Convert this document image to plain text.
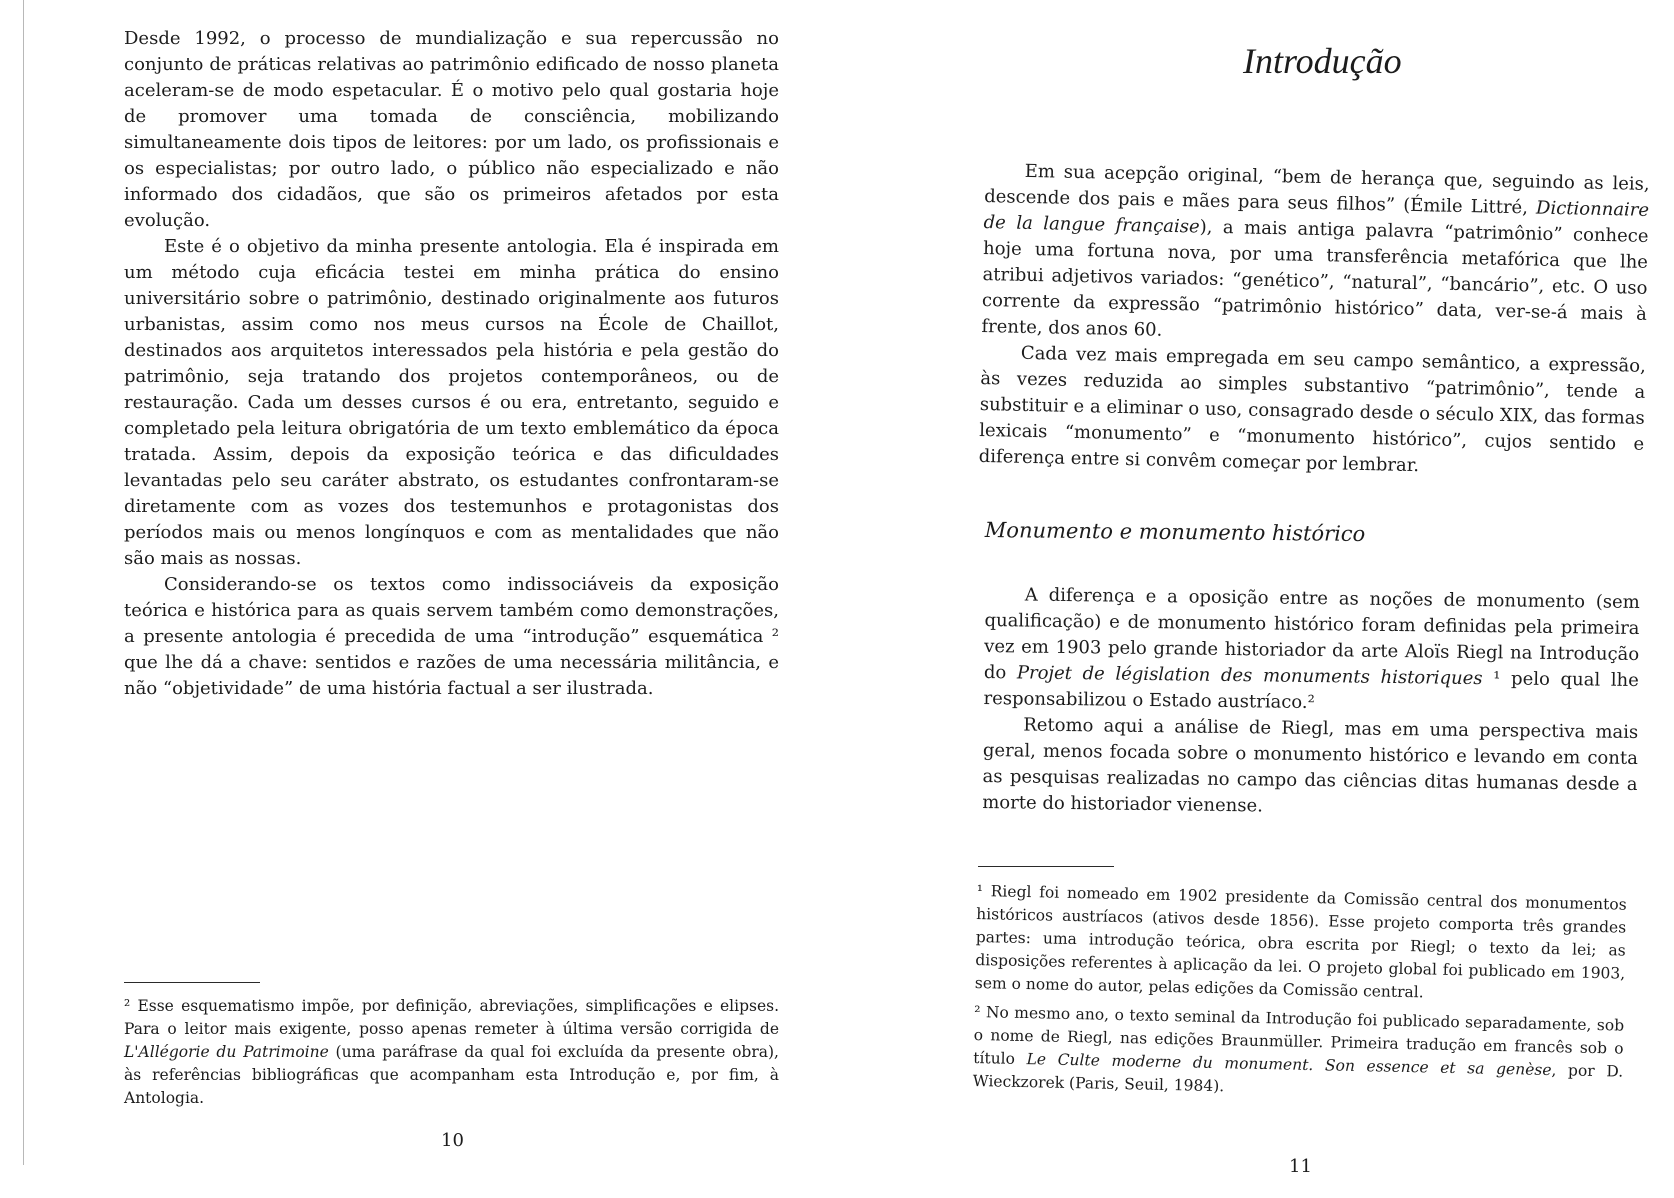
Desde 1992, o processo de mundialização e sua repercussão no conjunto de práticas relativas ao patrimônio edificado de nosso planeta aceleram-se de modo espetacular. É o motivo pelo qual gostaria hoje de promover uma tomada de consciência, mobilizando simultaneamente dois tipos de leitores: por um lado, os profissionais e os especialistas; por outro lado, o público não especializado e não informado dos cidadãos, que são os primeiros afetados por esta evolução.

Este é o objetivo da minha presente antologia. Ela é inspirada em um método cuja eficácia testei em minha prática do ensino universitário sobre o patrimônio, destinado originalmente aos futuros urbanistas, assim como nos meus cursos na École de Chaillot, destinados aos arquitetos interessados pela história e pela gestão do patrimônio, seja tratando dos projetos contemporâneos, ou de restauração. Cada um desses cursos é ou era, entretanto, seguido e completado pela leitura obrigatória de um texto emblemático da época tratada. Assim, depois da exposição teórica e das dificuldades levantadas pelo seu caráter abstrato, os estudantes confrontaram-se diretamente com as vozes dos testemunhos e protagonistas dos períodos mais ou menos longínquos e com as mentalidades que não são mais as nossas.

Considerando-se os textos como indissociáveis da exposição teórica e histórica para as quais servem também como demonstrações, a presente antologia é precedida de uma “introdução” esquemática ² que lhe dá a chave: sentidos e razões de uma necessária militância, e não “objetividade” de uma história factual a ser ilustrada.

² Esse esquematismo impõe, por definição, abreviações, simplificações e elipses. Para o leitor mais exigente, posso apenas remeter à última versão corrigida de L'Allégorie du Patrimoine (uma paráfrase da qual foi excluída da presente obra), às referências bibliográficas que acompanham esta Introdução e, por fim, à Antologia.

10
Introdução

Em sua acepção original, “bem de herança que, seguindo as leis, descende dos pais e mães para seus filhos” (Émile Littré, Dictionnaire de la langue française), a mais antiga palavra “patrimônio” conhece hoje uma fortuna nova, por uma transferência metafórica que lhe atribui adjetivos variados: “genético”, “natural”, “bancário”, etc. O uso corrente da expressão “patrimônio histórico” data, ver-se-á mais à frente, dos anos 60.

Cada vez mais empregada em seu campo semântico, a expressão, às vezes reduzida ao simples substantivo “patrimônio”, tende a substituir e a eliminar o uso, consagrado desde o século XIX, das formas lexicais “monumento” e “monumento histórico”, cujos sentido e diferença entre si convêm começar por lembrar.

Monumento e monumento histórico

A diferença e a oposição entre as noções de monumento (sem qualificação) e de monumento histórico foram definidas pela primeira vez em 1903 pelo grande historiador da arte Aloïs Riegl na Introdução do Projet de législation des monuments historiques ¹ pelo qual lhe responsabilizou o Estado austríaco.²

Retomo aqui a análise de Riegl, mas em uma perspectiva mais geral, menos focada sobre o monumento histórico e levando em conta as pesquisas realizadas no campo das ciências ditas humanas desde a morte do historiador vienense.

¹ Riegl foi nomeado em 1902 presidente da Comissão central dos monumentos históricos austríacos (ativos desde 1856). Esse projeto comporta três grandes partes: uma introdução teórica, obra escrita por Riegl; o texto da lei; as disposições referentes à aplicação da lei. O projeto global foi publicado em 1903, sem o nome do autor, pelas edições da Comissão central.

² No mesmo ano, o texto seminal da Introdução foi publicado separadamente, sob o nome de Riegl, nas edições Braunmüller. Primeira tradução em francês sob o título Le Culte moderne du monument. Son essence et sa genèse, por D. Wieckzorek (Paris, Seuil, 1984).

11
